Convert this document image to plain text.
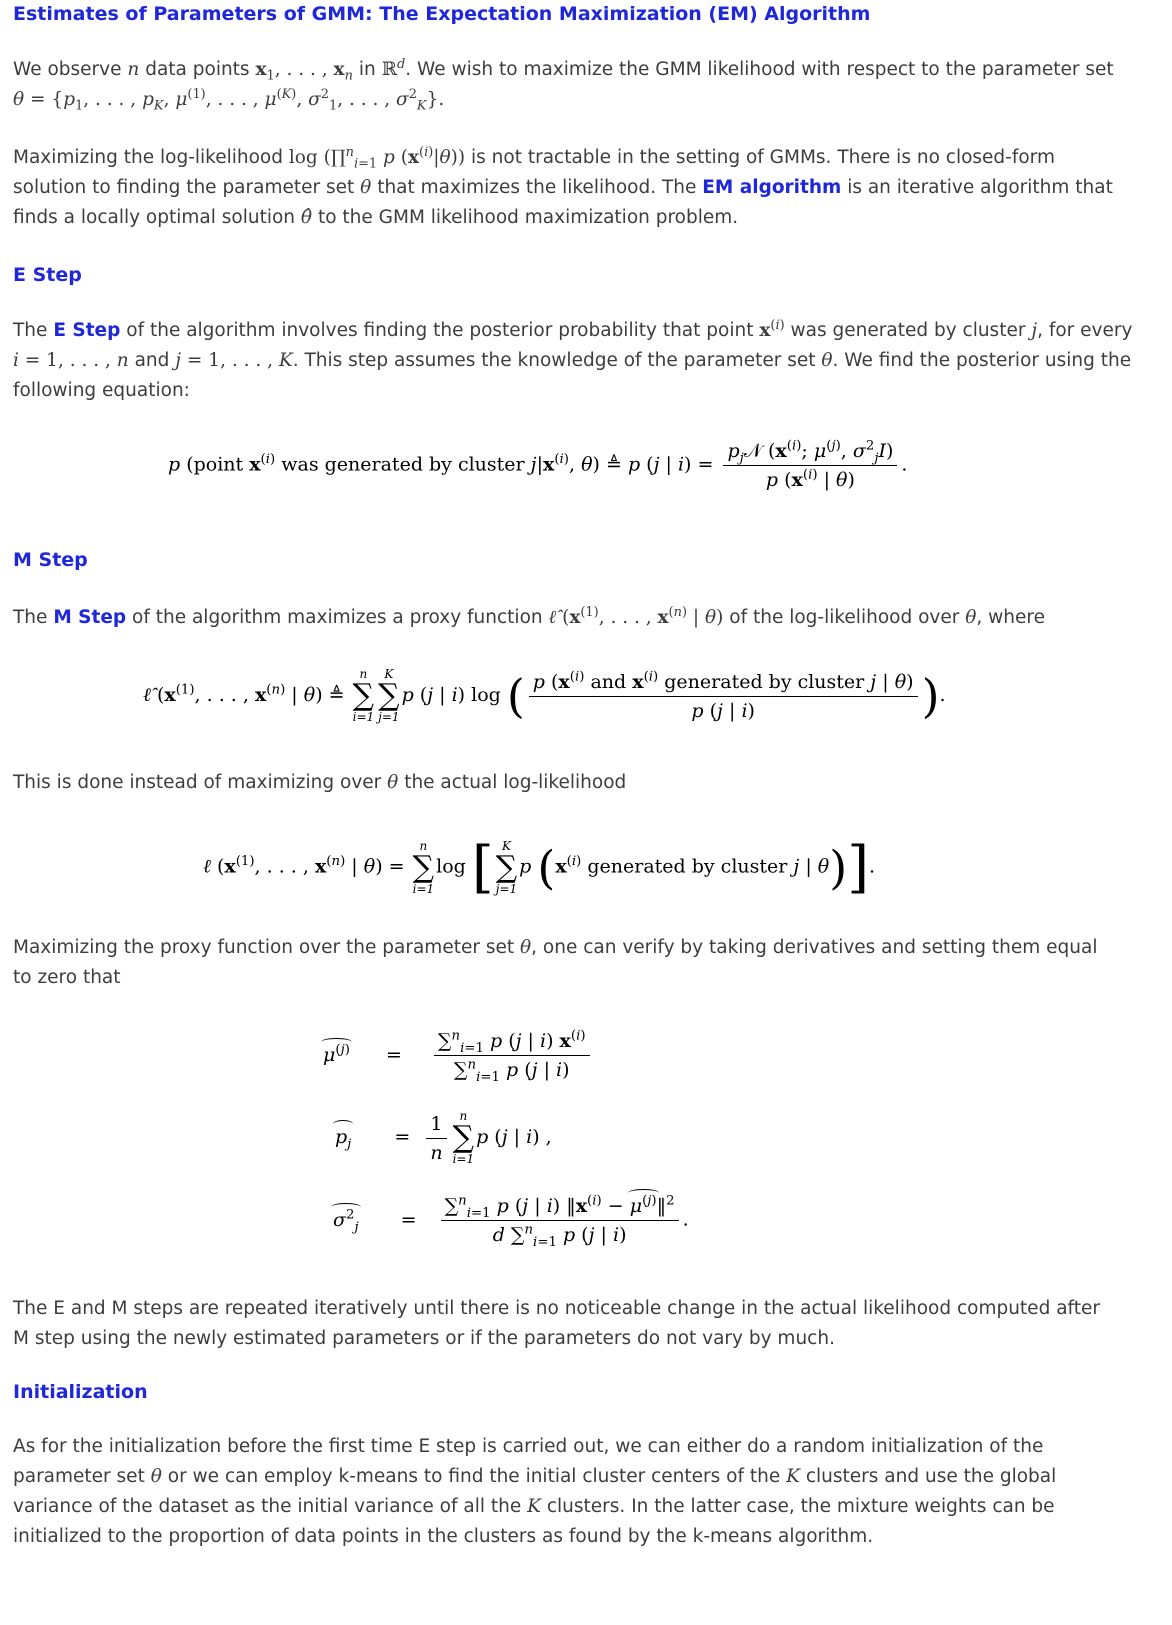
Estimates of Parameters of GMM: The Expectation Maximization (EM) Algorithm
We observe n data points $x_1$, . . . , $x_n$ in ℝ$^d$. We wish to maximize the GMM likelihood with respect to the parameter set
$\theta = \{p_1$, . . . , $p_K$, $\mu^{(1)}$, . . . , $\mu^{(K)}$, $\sigma^2_1$, . . . , $\sigma^2_K$}.
Maximizing the log-likelihood log (∏$^n_{i=1}$ p $(x^{(i)}|\theta)$) is not tractable in the setting of GMMs. There is no closed-form solution to finding the parameter set θ that maximizes the likelihood. The EM algorithm is an iterative algorithm that finds a locally optimal solution θ̂ to the GMM likelihood maximization problem.
E Step
The E Step of the algorithm involves finding the posterior probability that point $x^{(i)}$ was generated by cluster j, for every
i = 1, . . . , n and j = 1, . . . , K. This step assumes the knowledge of the parameter set θ. We find the posterior using the following equation:
p (point $x^{(i)}$ was generated by cluster $j|x^{(i)}$, θ) ≜ p (j | $i) = \frac{p_j𝒩 (x^{(i)}; \mu^{(j)}, \sigma^2_jI)}{p (x^{(i)} | \theta)}$ .
M Step
The M Step of the algorithm maximizes a proxy function ℓ̂ ($x^{(1)}$, . . . , $x^{(n)}$ | θ) of the log-likelihood over θ, where
ℓ̂ ($x^{(1)}$, . . . , $x^{(n)}$ | θ) ≜
n
∑
i=1
K
∑
j=1
p (j | i) log ( $\frac{p (x^{(i)} and x^{(i)} generated by cluster j | \theta)}{p (j | i)}$ ).
This is done instead of maximizing over θ the actual log-likelihood
ℓ ($x^{(1)}$, . . . , $x^{(n)}$ | θ) =
n
∑
i=1
log [ K
∑
j=1
p ($x^{(i)}$ generated by cluster j | θ)].
Maximizing the proxy function over the parameter set θ, one can verify by taking derivatives and setting them equal to zero that
$\mu^{(j)} = \frac{\sum^n_{i=1} p (j | i) x^{(i)}}{\sum^n_{i=1} p (j | i)}$
$p_j = \frac{1}{n}$	n
∑
i=1
p (j | i) ,
$\sigma^2_j = \frac{\sum^n_{i=1} p (j | i) ‖x^{(i)} - \mu^{(j)}‖^2}{d \sum^n_{i=1} p (j | i)}$ .
The E and M steps are repeated iteratively until there is no noticeable change in the actual likelihood computed after M step using the newly estimated parameters or if the parameters do not vary by much.
Initialization
As for the initialization before the first time E step is carried out, we can either do a random initialization of the parameter set θ or we can employ k-means to find the initial cluster centers of the K clusters and use the global variance of the dataset as the initial variance of all the K clusters. In the latter case, the mixture weights can be initialized to the proportion of data points in the clusters as found by the k-means algorithm.
